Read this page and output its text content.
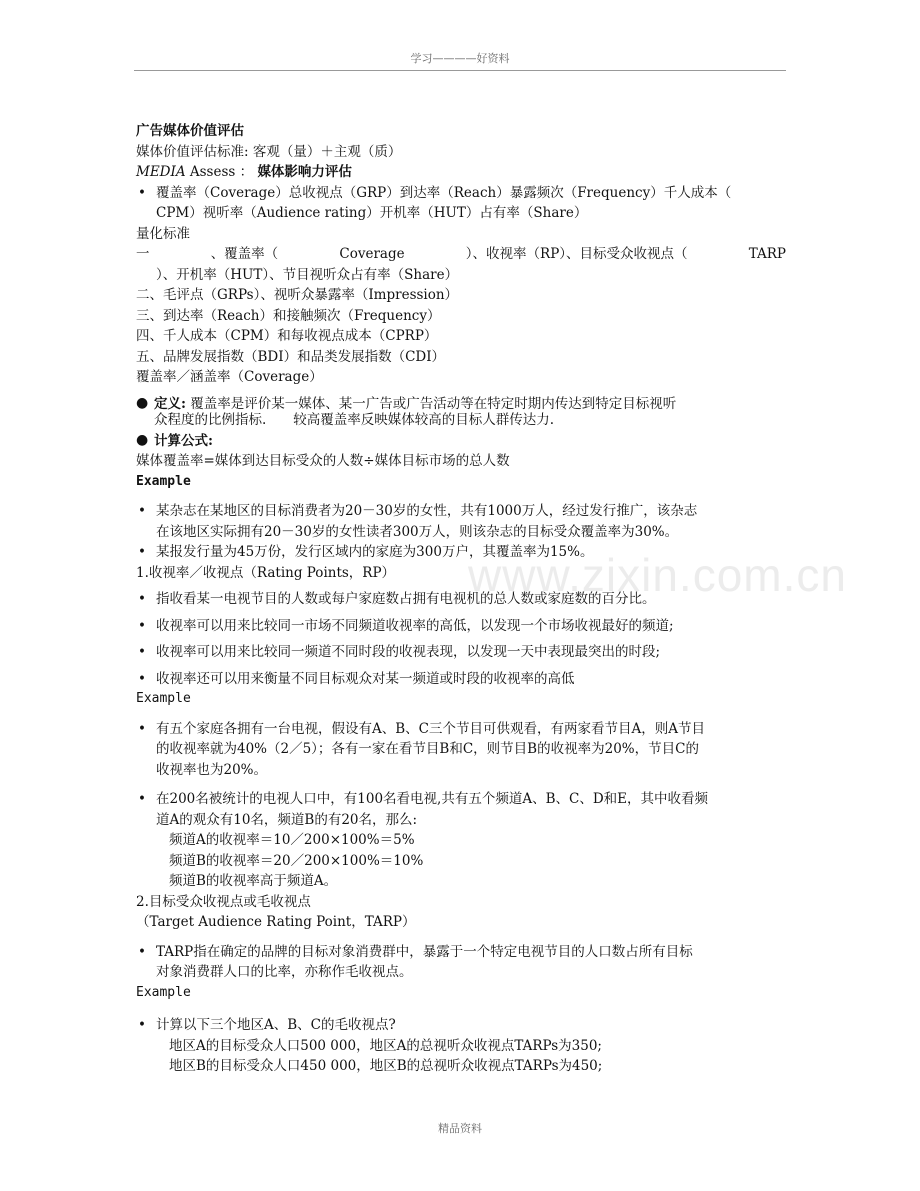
学习————好资料
www.zixin.com.cn
广告媒体价值评估
媒体价值评估标准: 客观（量）＋主观（质）
MEDIA Assess ： 媒体影响力评估
• 覆盖率（Coverage）总收视点（GRP）到达率（Reach）暴露频次（Frequency）千人成本（
CPM）视听率（Audience rating）开机率（HUT）占有率（Share）
量化标准
一	、覆盖率（	Coverage	）、收视率（RP）、目标受众收视点（	TARP
）、开机率（HUT）、节目视听众占有率（Share）
二、毛评点（GRPs）、视听众暴露率（Impression）
三、到达率（Reach）和接触频次（Frequency）
四、千人成本（CPM）和每收视点成本（CPRP）
五、品牌发展指数（BDI）和品类发展指数（CDI）
覆盖率／涵盖率（Coverage）
● 定义: 覆盖率是评价某一媒体、某一广告或广告活动等在特定时期内传达到特定目标视听
众程度的比例指标.　　较高覆盖率反映媒体较高的目标人群传达力.
● 计算公式:
媒体覆盖率=媒体到达目标受众的人数÷媒体目标市场的总人数
Example
• 某杂志在某地区的目标消费者为20－30岁的女性，共有1000万人，经过发行推广，该杂志
在该地区实际拥有20－30岁的女性读者300万人，则该杂志的目标受众覆盖率为30%。
• 某报发行量为45万份，发行区域内的家庭为300万户，其覆盖率为15%。
1.收视率／收视点（Rating Points，RP）
• 指收看某一电视节目的人数或每户家庭数占拥有电视机的总人数或家庭数的百分比。
• 收视率可以用来比较同一市场不同频道收视率的高低，以发现一个市场收视最好的频道;
• 收视率可以用来比较同一频道不同时段的收视表现，以发现一天中表现最突出的时段;
• 收视率还可以用来衡量不同目标观众对某一频道或时段的收视率的高低
Example
• 有五个家庭各拥有一台电视，假设有A、B、C三个节目可供观看，有两家看节目A，则A节目
的收视率就为40%（2／5）；各有一家在看节目B和C，则节目B的收视率为20%，节目C的
收视率也为20%。
• 在200名被统计的电视人口中，有100名看电视,共有五个频道A、B、C、D和E，其中收看频
道A的观众有10名，频道B的有20名，那么:
频道A的收视率＝10／200×100%＝5%
频道B的收视率＝20／200×100%＝10%
频道B的收视率高于频道A。
2.目标受众收视点或毛收视点
（Target Audience Rating Point，TARP）
• TARP指在确定的品牌的目标对象消费群中，暴露于一个特定电视节目的人口数占所有目标
对象消费群人口的比率，亦称作毛收视点。
Example
• 计算以下三个地区A、B、C的毛收视点?
地区A的目标受众人口500 000，地区A的总视听众收视点TARPs为350;
地区B的目标受众人口450 000，地区B的总视听众收视点TARPs为450;
精品资料
